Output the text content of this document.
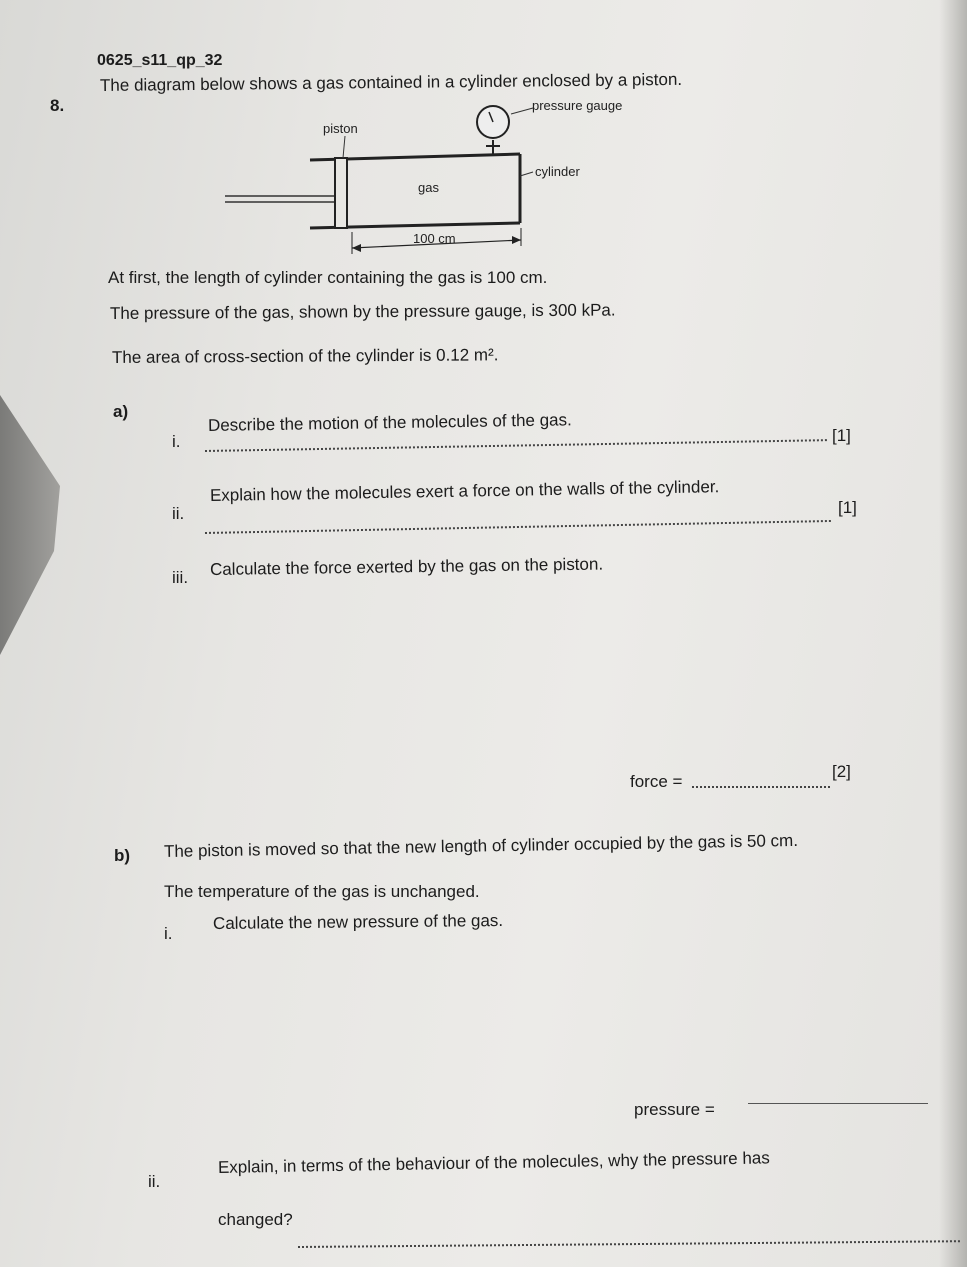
0625_s11_qp_32
8.
The diagram below shows a gas contained in a cylinder enclosed by a piston.
piston
pressure gauge
gas
cylinder
100 cm
At first, the length of cylinder containing the gas is 100 cm.
The pressure of the gas, shown by the pressure gauge, is 300 kPa.
The area of cross-section of the cylinder is 0.12 m².
a)
i.
Describe the motion of the molecules of the gas.
[1]
ii.
Explain how the molecules exert a force on the walls of the cylinder.
[1]
iii. Calculate the force exerted by the gas on the piston.
force =
[2]
b) The piston is moved so that the new length of cylinder occupied by the gas is 50 cm.
The temperature of the gas is unchanged.
i.
Calculate the new pressure of the gas.
pressure =
ii.
Explain, in terms of the behaviour of the molecules, why the pressure has
changed?
